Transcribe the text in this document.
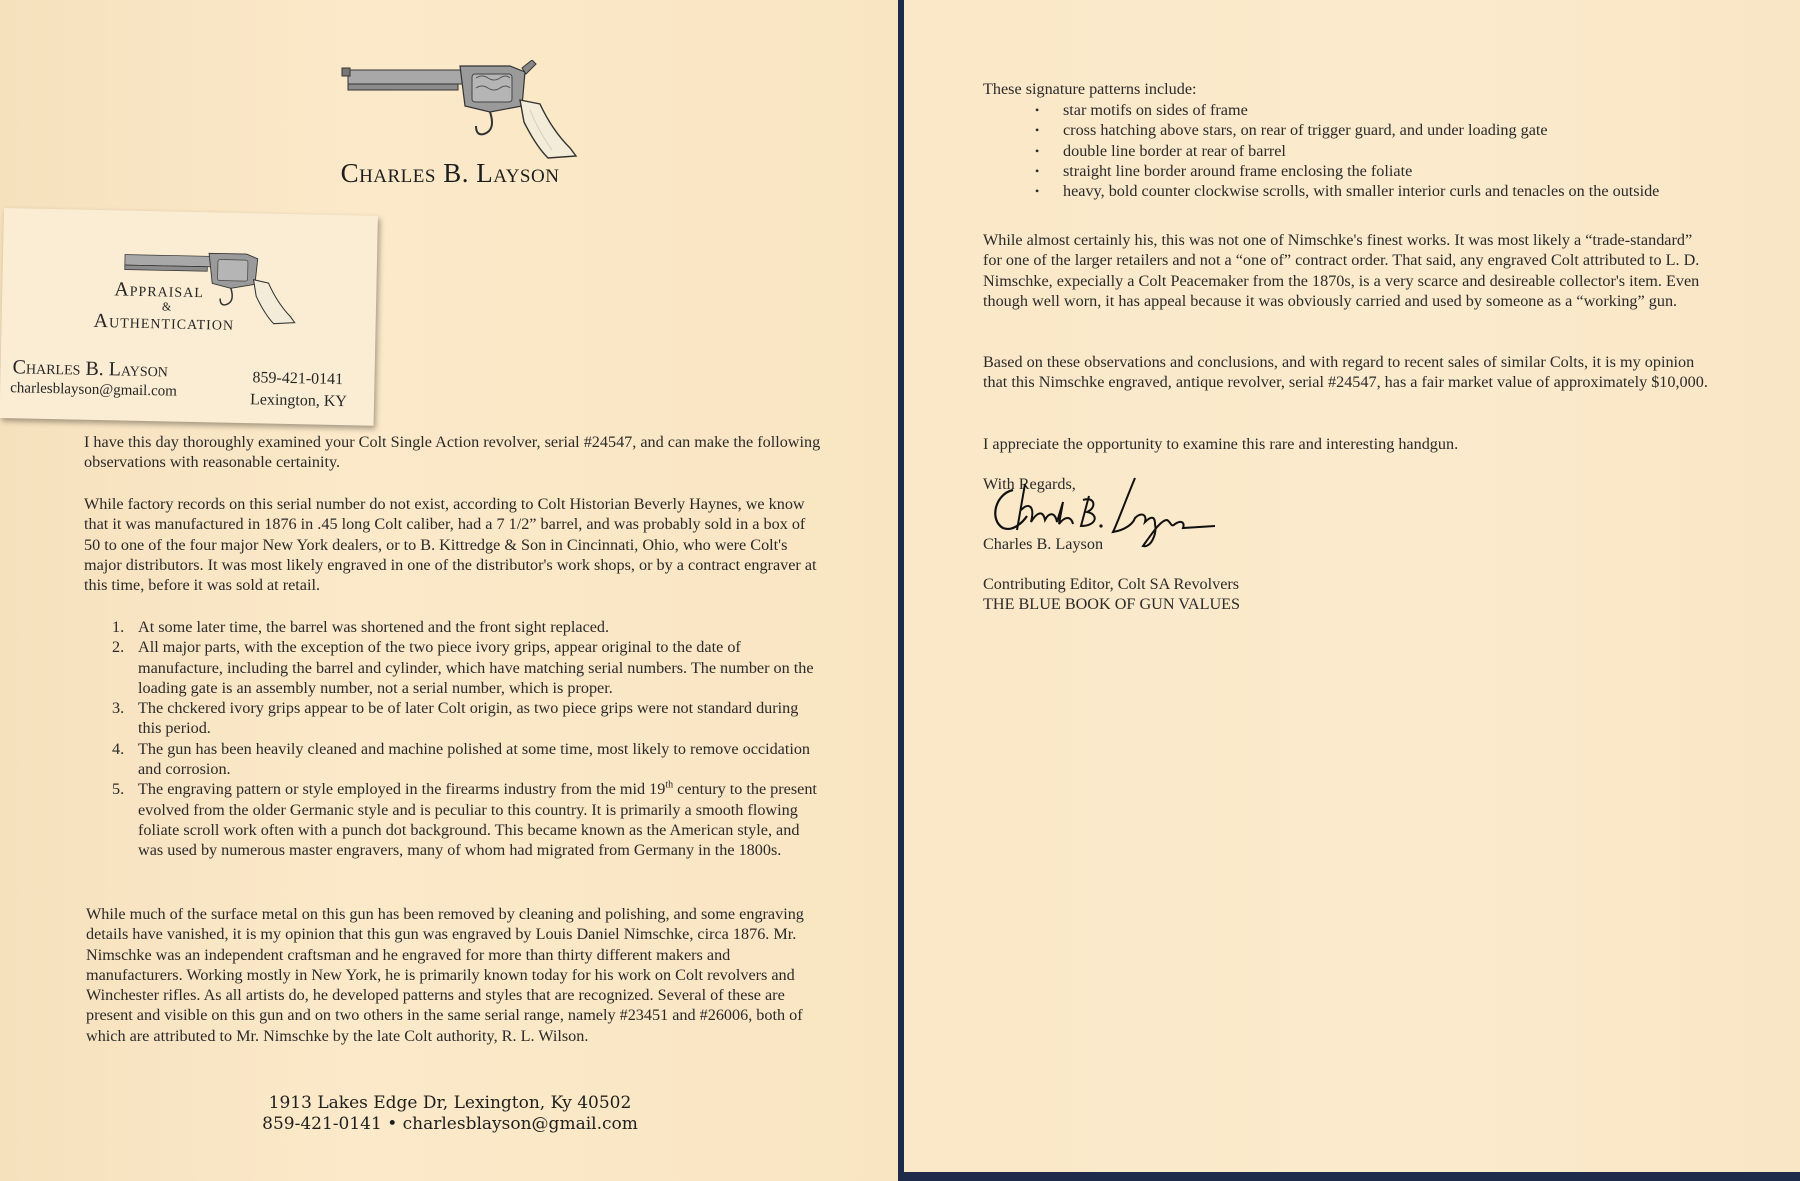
Charles B. Layson
Appraisal
&
Authentication
Charles B. Layson
charlesblayson@gmail.com
859-421-0141
Lexington, KY

I have this day thoroughly examined your Colt Single Action revolver, serial #24547, and can make the following observations with reasonable certainity.

While factory records on this serial number do not exist, according to Colt Historian Beverly Haynes, we know that it was manufactured in 1876 in .45 long Colt caliber, had a 7 1/2” barrel, and was probably sold in a box of 50 to one of the four major New York dealers, or to B. Kittredge & Son in Cincinnati, Ohio, who were Colt's major distributors. It was most likely engraved in one of the distributor's work shops, or by a contract engraver at this time, before it was sold at retail.

1. At some later time, the barrel was shortened and the front sight replaced.
2. All major parts, with the exception of the two piece ivory grips, appear original to the date of manufacture, including the barrel and cylinder, which have matching serial numbers. The number on the loading gate is an assembly number, not a serial number, which is proper.
3. The chckered ivory grips appear to be of later Colt origin, as two piece grips were not standard during this period.
4. The gun has been heavily cleaned and machine polished at some time, most likely to remove occidation and corrosion.
5. The engraving pattern or style employed in the firearms industry from the mid 19th century to the present evolved from the older Germanic style and is peculiar to this country. It is primarily a smooth flowing foliate scroll work often with a punch dot background. This became known as the American style, and was used by numerous master engravers, many of whom had migrated from Germany in the 1800s.

While much of the surface metal on this gun has been removed by cleaning and polishing, and some engraving details have vanished, it is my opinion that this gun was engraved by Louis Daniel Nimschke, circa 1876. Mr. Nimschke was an independent craftsman and he engraved for more than thirty different makers and manufacturers. Working mostly in New York, he is primarily known today for his work on Colt revolvers and Winchester rifles. As all artists do, he developed patterns and styles that are recognized. Several of these are present and visible on this gun and on two others in the same serial range, namely #23451 and #26006, both of which are attributed to Mr. Nimschke by the late Colt authority, R. L. Wilson.

1913 Lakes Edge Dr, Lexington, Ky 40502
859-421-0141 • charlesblayson@gmail.com

These signature patterns include:

• star motifs on sides of frame
• cross hatching above stars, on rear of trigger guard, and under loading gate
• double line border at rear of barrel
• straight line border around frame enclosing the foliate
• heavy, bold counter clockwise scrolls, with smaller interior curls and tenacles on the outside

While almost certainly his, this was not one of Nimschke's finest works. It was most likely a “trade-standard” for one of the larger retailers and not a “one of” contract order. That said, any engraved Colt attributed to L. D. Nimschke, expecially a Colt Peacemaker from the 1870s, is a very scarce and desireable collector's item. Even though well worn, it has appeal because it was obviously carried and used by someone as a “working” gun.

Based on these observations and conclusions, and with regard to recent sales of similar Colts, it is my opinion that this Nimschke engraved, antique revolver, serial #24547, has a fair market value of approximately $10,000.

I appreciate the opportunity to examine this rare and interesting handgun.

With Regards,

Charles B. Layson

Contributing Editor, Colt SA Revolvers

THE BLUE BOOK OF GUN VALUES
